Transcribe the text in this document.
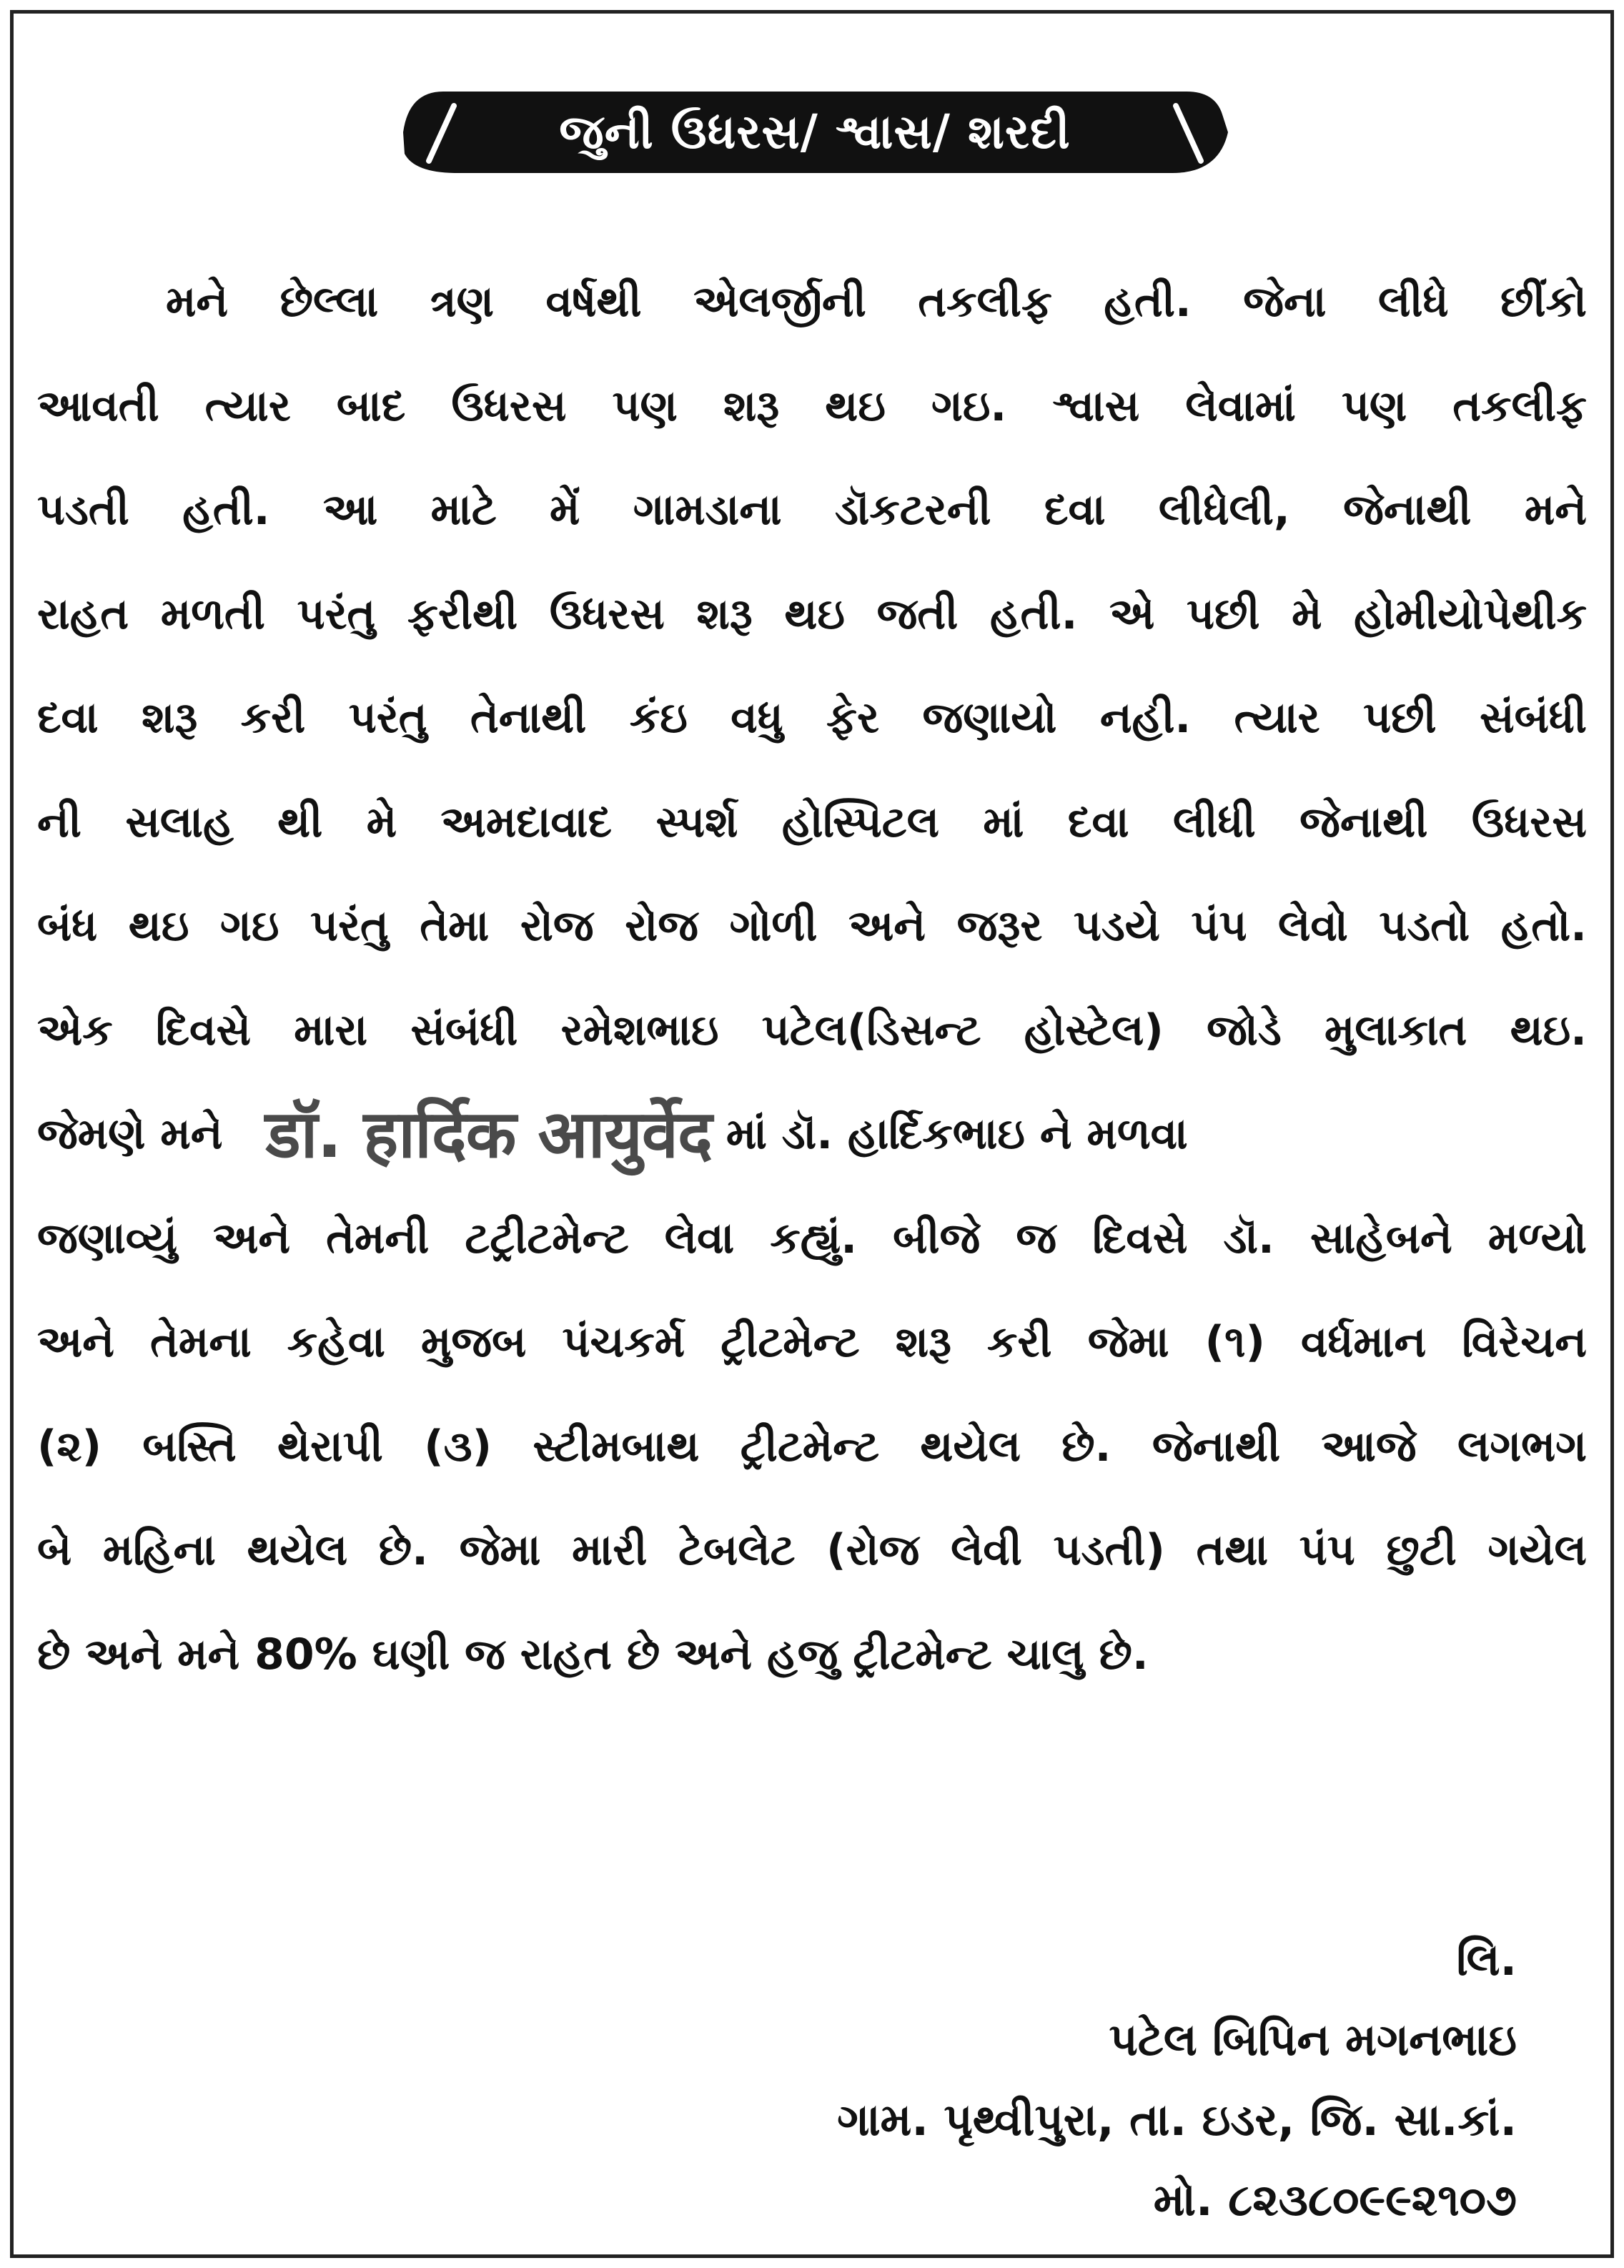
જુની ઉધરસ/ શ્વાસ/ શરદી
મને છેલ્લા ત્રણ વર્ષથી એલર્જીની તકલીફ હતી. જેના લીધે છીંકો
આવતી ત્યાર બાદ ઉધરસ પણ શરૂ થઇ ગઇ. શ્વાસ લેવામાં પણ તકલીફ
પડતી હતી. આ માટે મેં ગામડાના ડૉકટરની દવા લીધેલી, જેનાથી મને
રાહત મળતી પરંતુ ફરીથી ઉધરસ શરૂ થઇ જતી હતી. એ પછી મે હોમીયોપેથીક
દવા શરૂ કરી પરંતુ તેનાથી કંઇ વધુ ફેર જણાયો નહી. ત્યાર પછી સંબંધી
ની સલાહ થી મે અમદાવાદ સ્પર્શ હોસ્પિટલ માં દવા લીધી જેનાથી ઉધરસ
બંધ થઇ ગઇ પરંતુ તેમા રોજ રોજ ગોળી અને જરૂર પડયે પંપ લેવો પડતો હતો.
એક દિવસે મારા સંબંધી રમેશભાઇ પટેલ(ડિસન્ટ હોસ્ટેલ) જોડે મુલાકાત થઇ.
જેમણે મને डॉ. हार्दिक आयुर्वेद માં ડૉ. હાર્દિકભાઇ ને મળવા
જણાવ્યું અને તેમની ટટ્રીટમેન્ટ લેવા કહ્યું. બીજે જ દિવસે ડૉ. સાહેબને મળ્યો
અને તેમના કહેવા મુજબ પંચકર્મ ટ્રીટમેન્ટ શરૂ કરી જેમા (૧) વર્ધમાન વિરેચન
(૨) બસ્તિ થેરાપી (૩) સ્ટીમબાથ ટ્રીટમેન્ટ થયેલ છે. જેનાથી આજે લગભગ
બે મહિના થયેલ છે. જેમા મારી ટેબલેટ (રોજ લેવી પડતી) તથા પંપ છુટી ગયેલ
છે અને મને 80% ઘણી જ રાહત છે અને હજુ ટ્રીટમેન્ટ ચાલુ છે.
લિ.
પટેલ બિપિન મગનભાઇ
ગામ. પૃથ્વીપુરા, તા. ઇડર, જિ. સા.કાં.
મો. ૮૨૩૮૦૯૯૨૧૦૭
